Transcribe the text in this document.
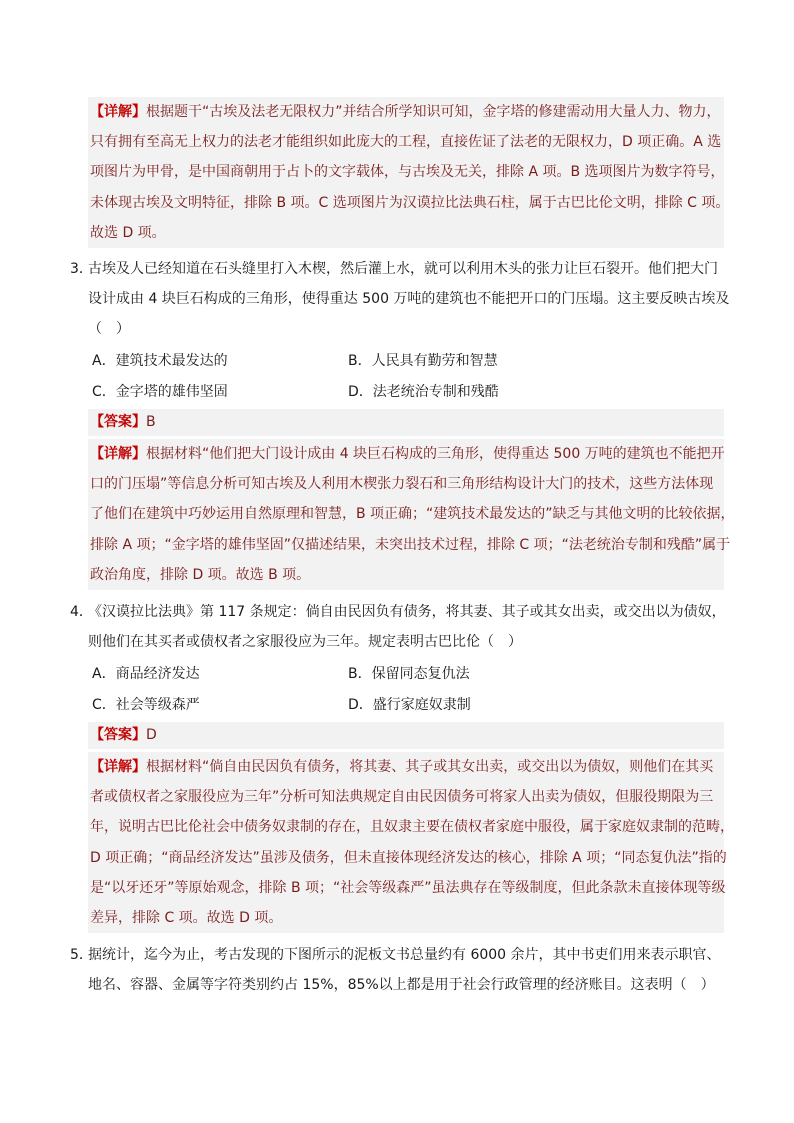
【详解】根据题干“古埃及法老无限权力”并结合所学知识可知，金字塔的修建需动用大量人力、物力，
只有拥有至高无上权力的法老才能组织如此庞大的工程，直接佐证了法老的无限权力，D 项正确。A 选
项图片为甲骨，是中国商朝用于占卜的文字载体，与古埃及无关，排除 A 项。B 选项图片为数字符号，
未体现古埃及文明特征，排除 B 项。C 选项图片为汉谟拉比法典石柱，属于古巴比伦文明，排除 C 项。
故选 D 项。
3．古埃及人已经知道在石头缝里打入木楔，然后灌上水，就可以利用木头的张力让巨石裂开。他们把大门
设计成由 4 块巨石构成的三角形，使得重达 500 万吨的建筑也不能把开口的门压塌。这主要反映古埃及
（　）
A．建筑技术最发达的	B．人民具有勤劳和智慧
C．金字塔的雄伟坚固	D．法老统治专制和残酷
【答案】B
【详解】根据材料“他们把大门设计成由 4 块巨石构成的三角形，使得重达 500 万吨的建筑也不能把开
口的门压塌”等信息分析可知古埃及人利用木楔张力裂石和三角形结构设计大门的技术，这些方法体现
了他们在建筑中巧妙运用自然原理和智慧，B 项正确；“建筑技术最发达的”缺乏与其他文明的比较依据，
排除 A 项；“金字塔的雄伟坚固”仅描述结果，未突出技术过程，排除 C 项；“法老统治专制和残酷”属于
政治角度，排除 D 项。故选 B 项。
4．《汉谟拉比法典》第 117 条规定：倘自由民因负有债务，将其妻、其子或其女出卖，或交出以为债奴，
则他们在其买者或债权者之家服役应为三年。规定表明古巴比伦（　）
A．商品经济发达	B．保留同态复仇法
C．社会等级森严	D．盛行家庭奴隶制
【答案】D
【详解】根据材料“倘自由民因负有债务，将其妻、其子或其女出卖，或交出以为债奴，则他们在其买
者或债权者之家服役应为三年”分析可知法典规定自由民因债务可将家人出卖为债奴，但服役期限为三
年，说明古巴比伦社会中债务奴隶制的存在，且奴隶主要在债权者家庭中服役，属于家庭奴隶制的范畴，
D 项正确；“商品经济发达”虽涉及债务，但未直接体现经济发达的核心，排除 A 项；“同态复仇法”指的
是“以牙还牙”等原始观念，排除 B 项；“社会等级森严”虽法典存在等级制度，但此条款未直接体现等级
差异，排除 C 项。故选 D 项。
5．据统计，迄今为止，考古发现的下图所示的泥板文书总量约有 6000 余片，其中书吏们用来表示职官、
地名、容器、金属等字符类别约占 15%，85%以上都是用于社会行政管理的经济账目。这表明（　）
